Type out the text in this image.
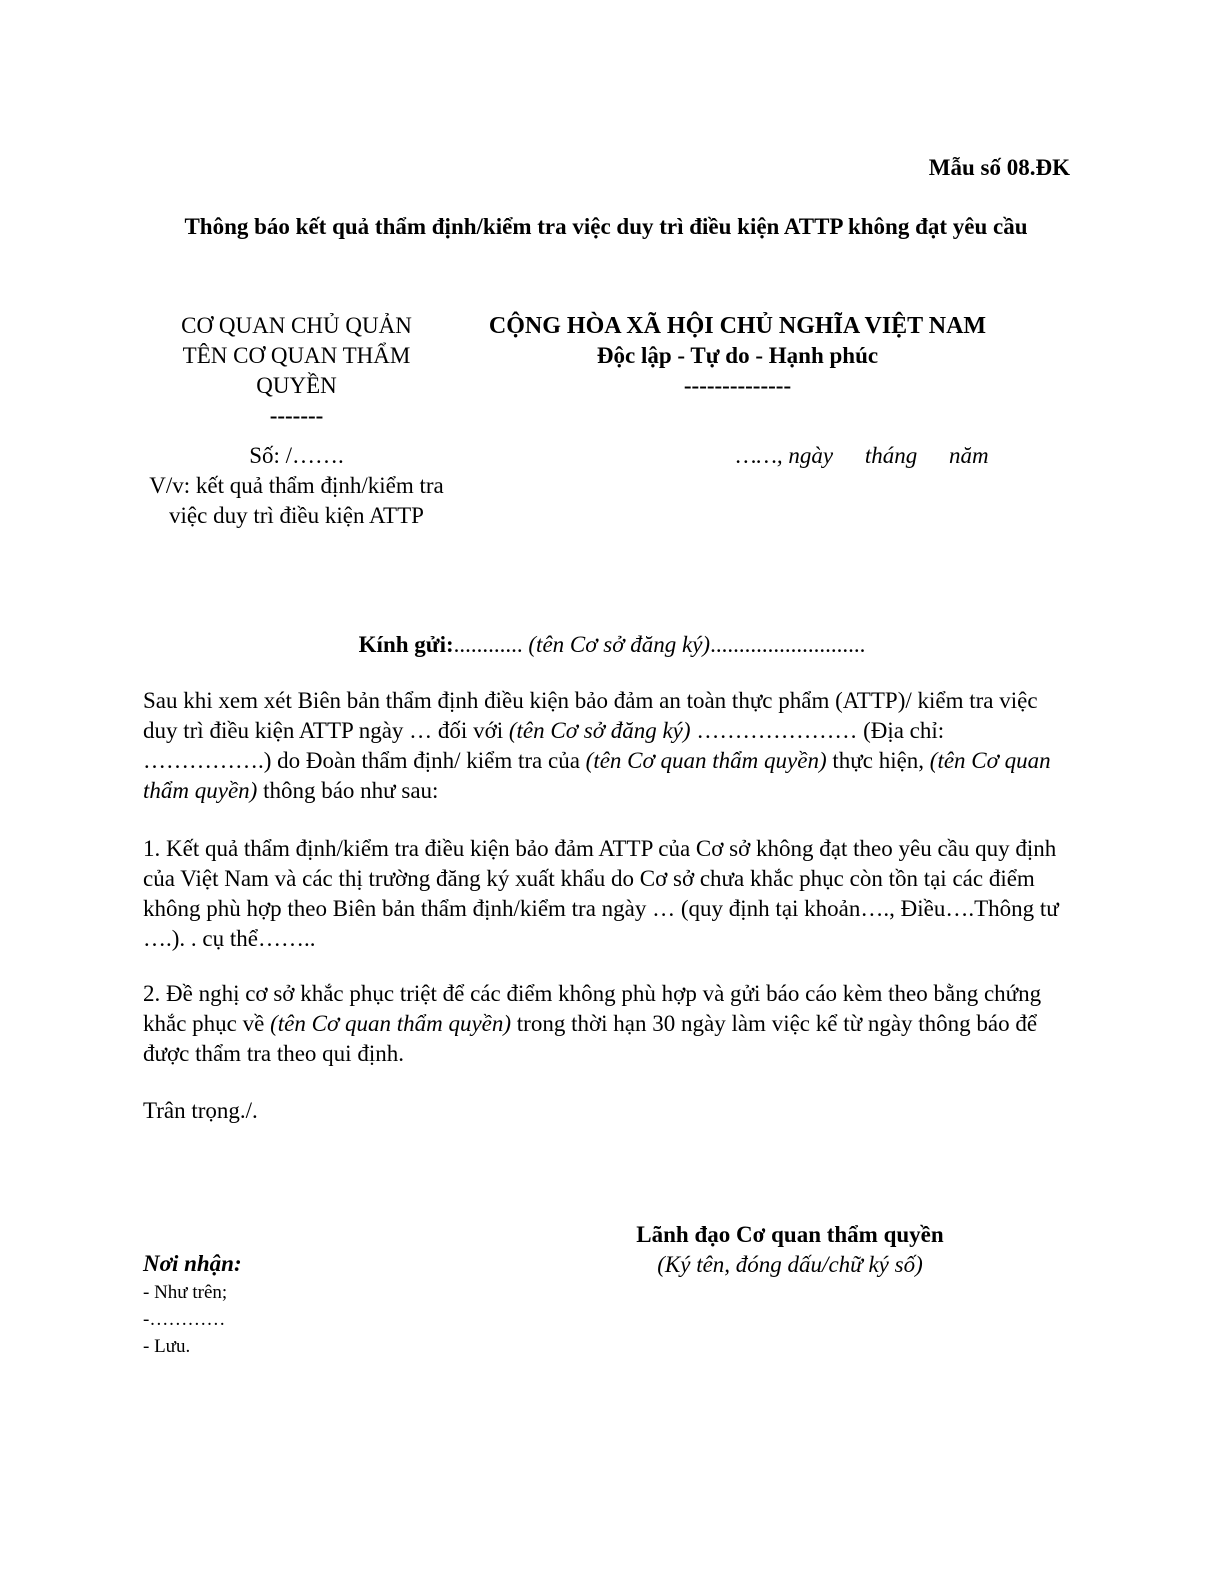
Mẫu số 08.ĐK
Thông báo kết quả thẩm định/kiểm tra việc duy trì điều kiện ATTP không đạt yêu cầu
CƠ QUAN CHỦ QUẢN
TÊN CƠ QUAN THẨM QUYỀN
-------
CỘNG HÒA XÃ HỘI CHỦ NGHĨA VIỆT NAM
Độc lập - Tự do - Hạnh phúc
--------------
Số: /…….
V/v: kết quả thẩm định/kiểm tra việc duy trì điều kiện ATTP
……, ngày tháng năm
Kính gửi:............ (tên Cơ sở đăng ký)...........................
Sau khi xem xét Biên bản thẩm định điều kiện bảo đảm an toàn thực phẩm (ATTP)/ kiểm tra việc duy trì điều kiện ATTP ngày … đối với (tên Cơ sở đăng ký) ………………… (Địa chỉ: …………….) do Đoàn thẩm định/ kiểm tra của (tên Cơ quan thẩm quyền) thực hiện, (tên Cơ quan thẩm quyền) thông báo như sau:
1. Kết quả thẩm định/kiểm tra điều kiện bảo đảm ATTP của Cơ sở không đạt theo yêu cầu quy định của Việt Nam và các thị trường đăng ký xuất khẩu do Cơ sở chưa khắc phục còn tồn tại các điểm không phù hợp theo Biên bản thẩm định/kiểm tra ngày … (quy định tại khoản…., Điều….Thông tư ….). . cụ thể……..
2. Đề nghị cơ sở khắc phục triệt để các điểm không phù hợp và gửi báo cáo kèm theo bằng chứng khắc phục về (tên Cơ quan thẩm quyền) trong thời hạn 30 ngày làm việc kể từ ngày thông báo để được thẩm tra theo qui định.
Trân trọng./.
Lãnh đạo Cơ quan thẩm quyền
(Ký tên, đóng dấu/chữ ký số)
Nơi nhận:
- Như trên;
-…………
- Lưu.
